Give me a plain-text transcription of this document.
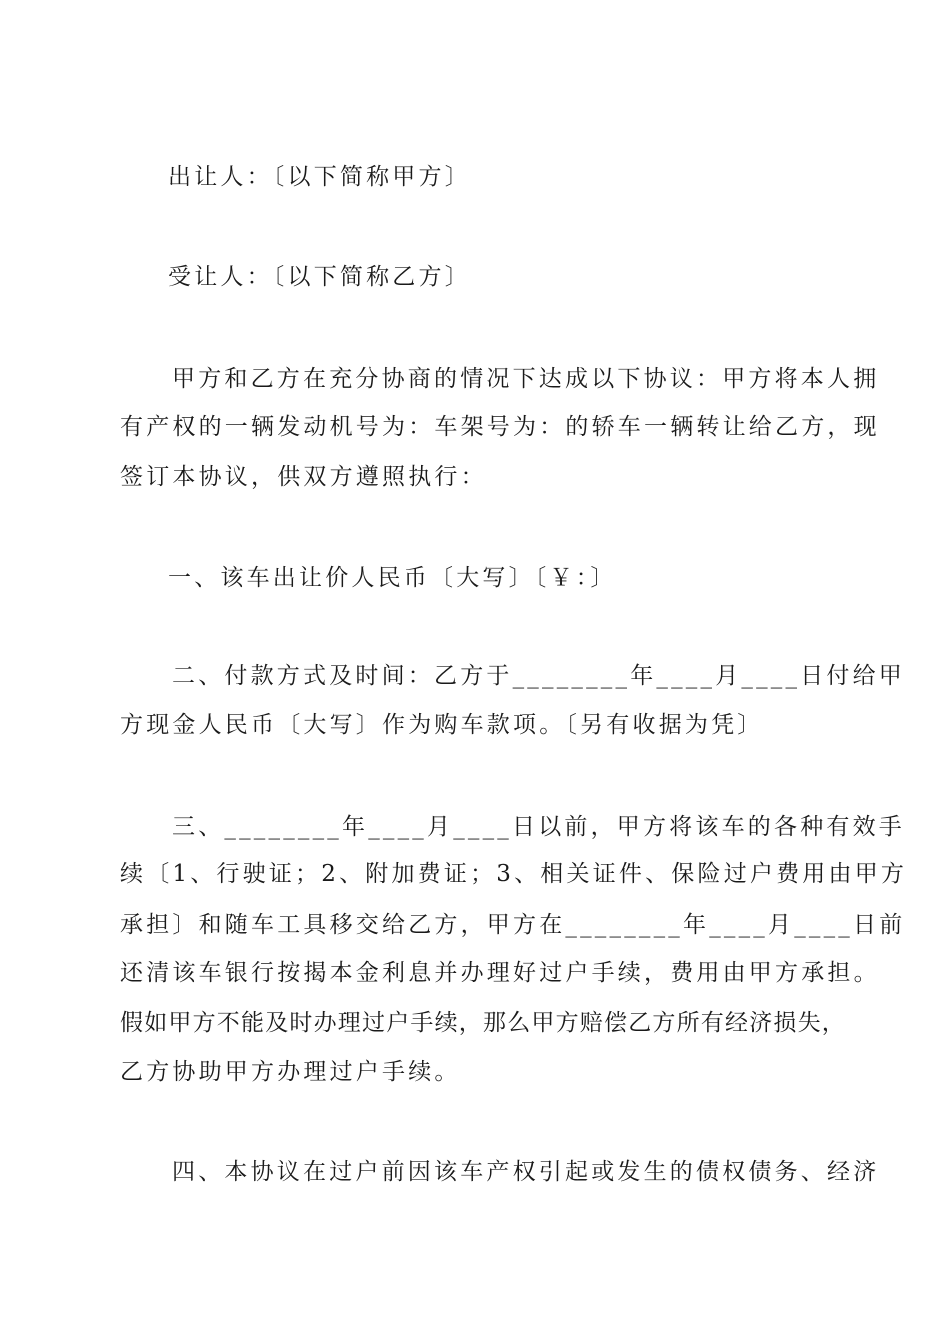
出让人：〔以下简称甲方〕
受让人：〔以下简称乙方〕
甲方和乙方在充分协商的情况下达成以下协议：甲方将本人拥
有产权的一辆发动机号为：车架号为：的轿车一辆转让给乙方，现
签订本协议，供双方遵照执行：
一、该车出让价人民币〔大写〕〔￥：〕
二、付款方式及时间：乙方于________年____月____日付给甲
方现金人民币〔大写〕作为购车款项。〔另有收据为凭〕
三、________年____月____日以前，甲方将该车的各种有效手
续〔1、行驶证；2、附加费证；3、相关证件、保险过户费用由甲方
承担〕和随车工具移交给乙方，甲方在________年____月____日前
还清该车银行按揭本金利息并办理好过户手续，费用由甲方承担。
假如甲方不能及时办理过户手续，那么甲方赔偿乙方所有经济损失，
乙方协助甲方办理过户手续。
四、本协议在过户前因该车产权引起或发生的债权债务、经济
